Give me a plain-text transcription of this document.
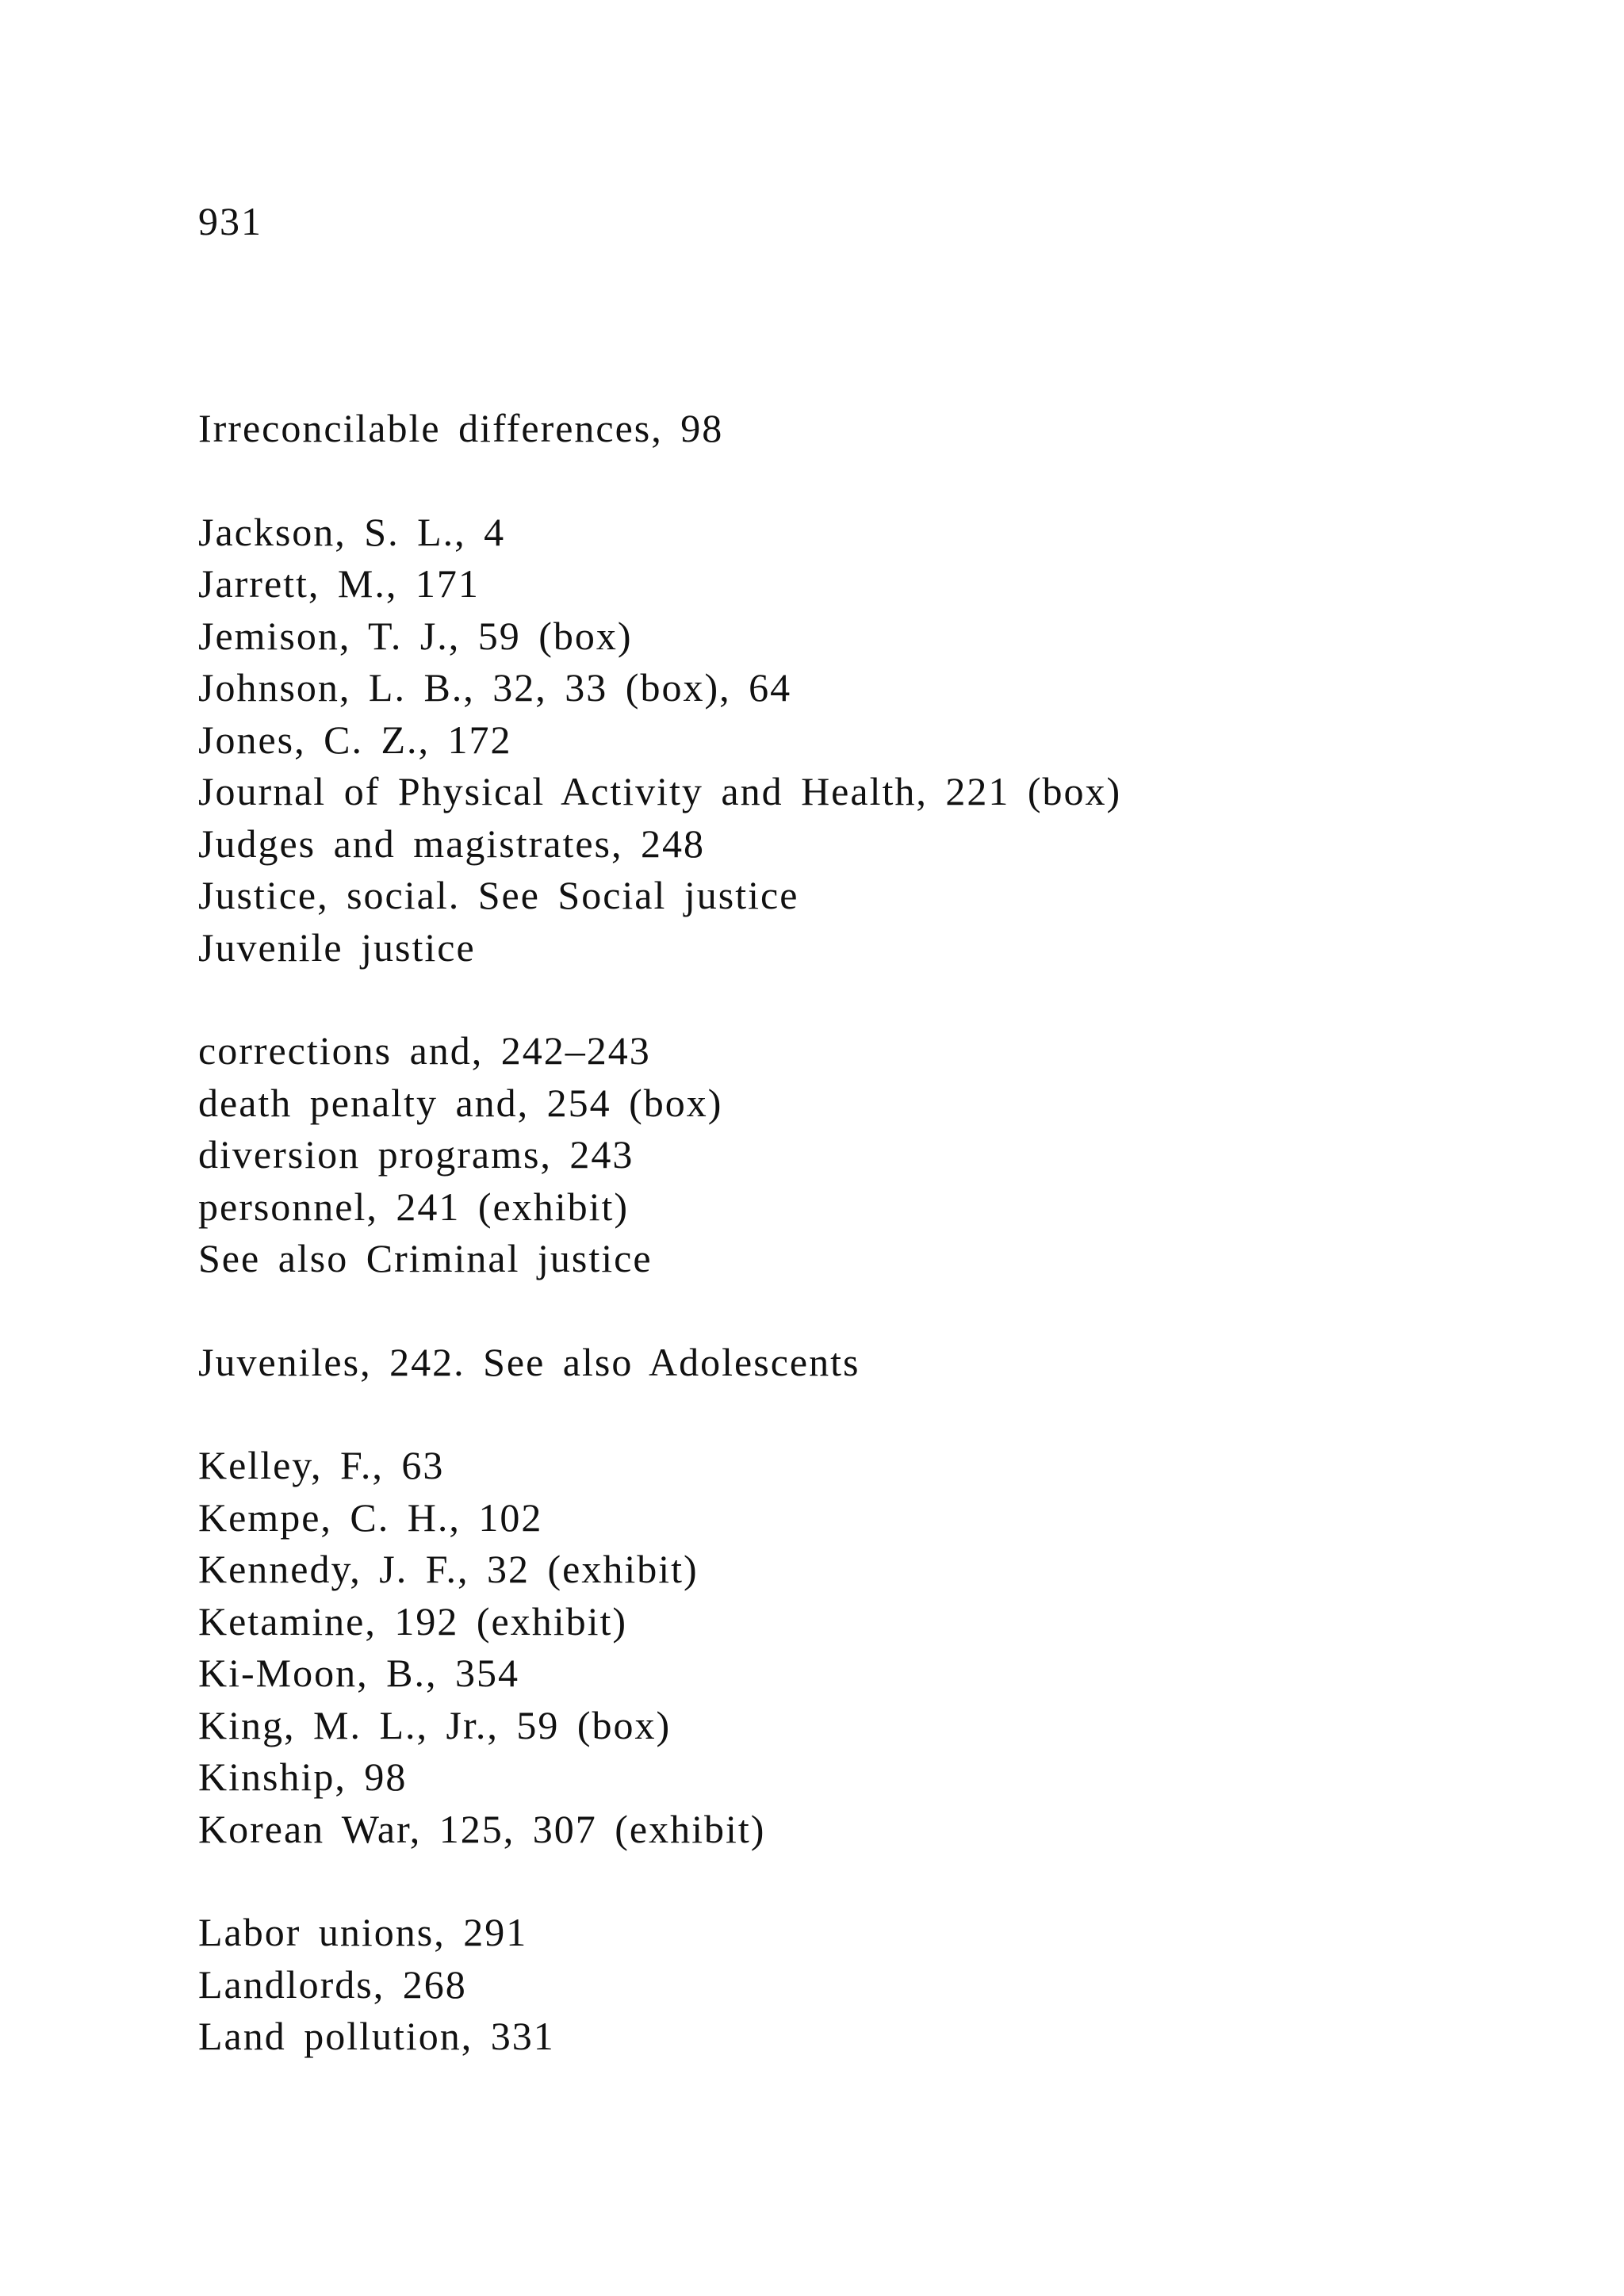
931
Irreconcilable differences, 98
Jackson, S. L., 4
Jarrett, M., 171
Jemison, T. J., 59 (box)
Johnson, L. B., 32, 33 (box), 64
Jones, C. Z., 172
Journal of Physical Activity and Health, 221 (box)
Judges and magistrates, 248
Justice, social. See Social justice
Juvenile justice
corrections and, 242–243
death penalty and, 254 (box)
diversion programs, 243
personnel, 241 (exhibit)
See also Criminal justice
Juveniles, 242. See also Adolescents
Kelley, F., 63
Kempe, C. H., 102
Kennedy, J. F., 32 (exhibit)
Ketamine, 192 (exhibit)
Ki-Moon, B., 354
King, M. L., Jr., 59 (box)
Kinship, 98
Korean War, 125, 307 (exhibit)
Labor unions, 291
Landlords, 268
Land pollution, 331
